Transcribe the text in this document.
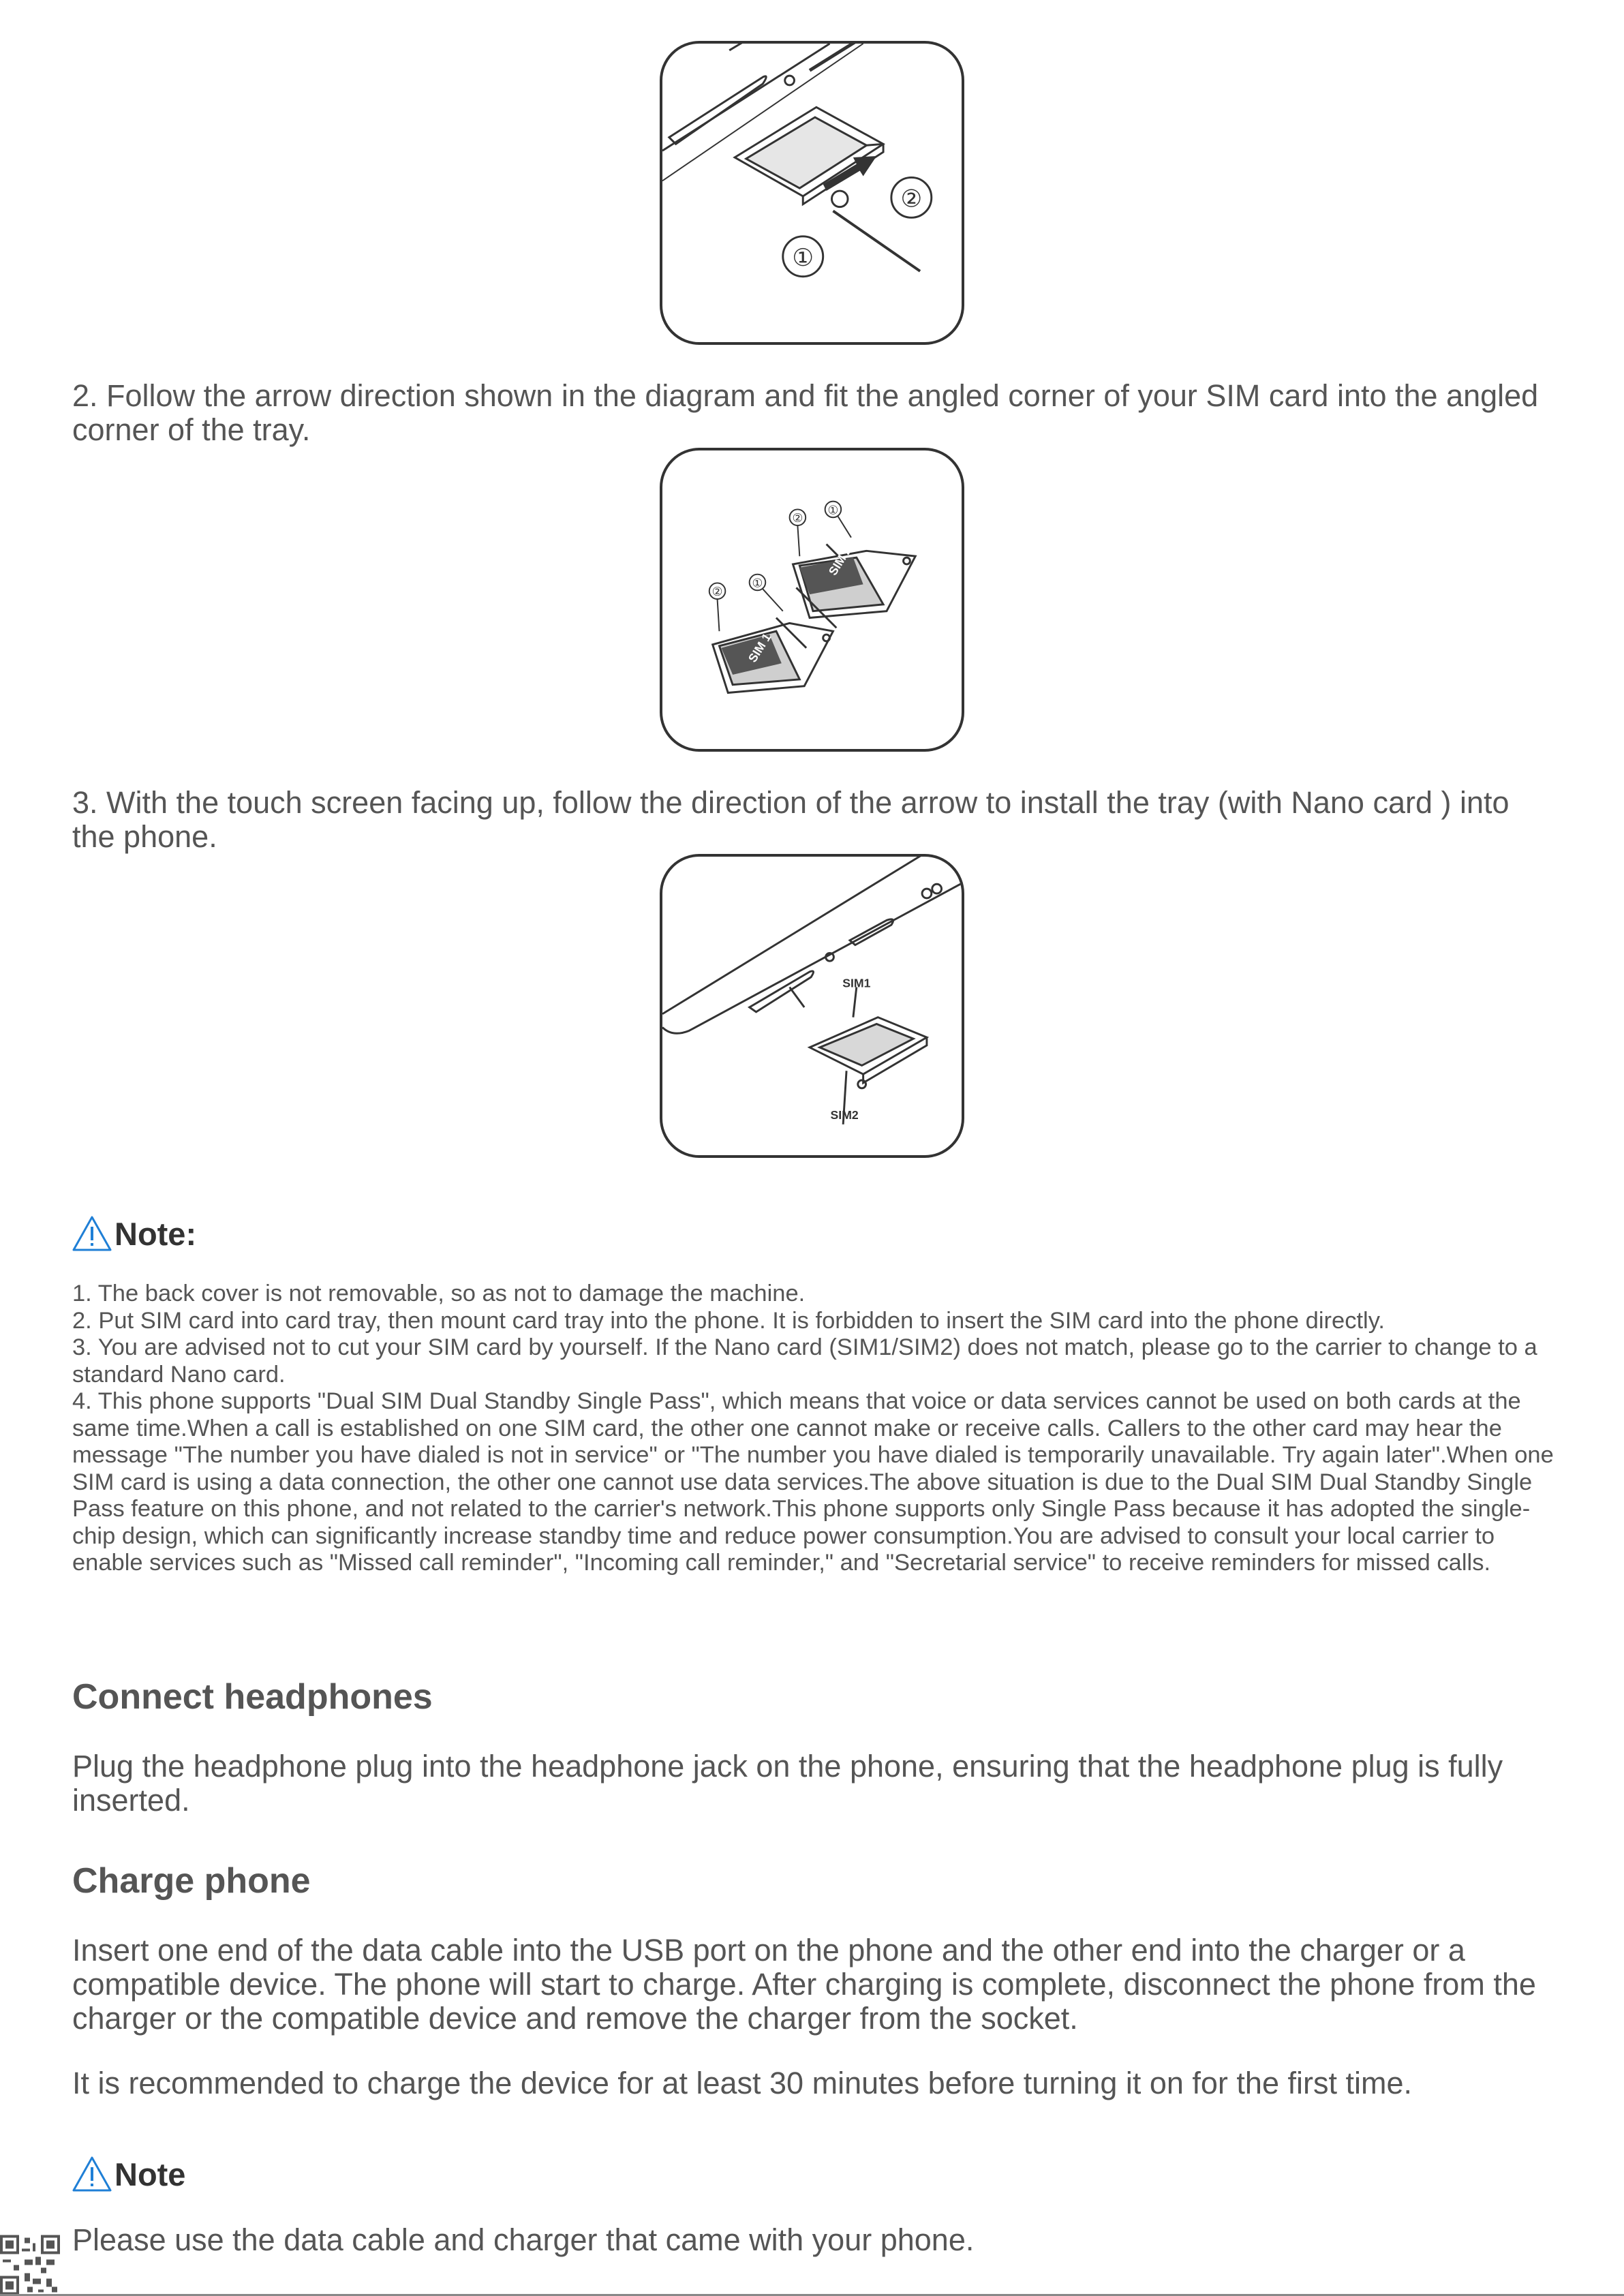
②
①

2. Follow the arrow direction shown in the diagram and fit the angled corner of your SIM card into the angled corner of the tray.

SIM 2
SIM 1
②
①
②
①

3. With the touch screen facing up, follow the direction of the arrow to install the tray (with Nano card ) into the phone.

SIM1
SIM2
Note:

1. The back cover is not removable, so as not to damage the machine.

2. Put SIM card into card tray, then mount card tray into the phone. It is forbidden to insert the SIM card into the phone directly.

3. You are advised not to cut your SIM card by yourself. If the Nano card (SIM1/SIM2) does not match, please go to the carrier to change to a standard Nano card.

4. This phone supports "Dual SIM Dual Standby Single Pass", which means that voice or data services cannot be used on both cards at the same time.When a call is established on one SIM card, the other one cannot make or receive calls. Callers to the other card may hear the message "The number you have dialed is not in service" or "The number you have dialed is temporarily unavailable. Try again later".When one SIM card is using a data connection, the other one cannot use data services.The above situation is due to the Dual SIM Dual Standby Single Pass feature on this phone, and not related to the carrier's network.This phone supports only Single Pass because it has adopted the single-chip design, which can significantly increase standby time and reduce power consumption.You are advised to consult your local carrier to enable services such as "Missed call reminder", "Incoming call reminder," and "Secretarial service" to receive reminders for missed calls.

Connect headphones

Plug the headphone plug into the headphone jack on the phone, ensuring that the headphone plug is fully inserted.

Charge phone

Insert one end of the data cable into the USB port on the phone and the other end into the charger or a compatible device. The phone will start to charge. After charging is complete, disconnect the phone from the charger or the compatible device and remove the charger from the socket.

It is recommended to charge the device for at least 30 minutes before turning it on for the first time.

Note

Please use the data cable and charger that came with your phone.
